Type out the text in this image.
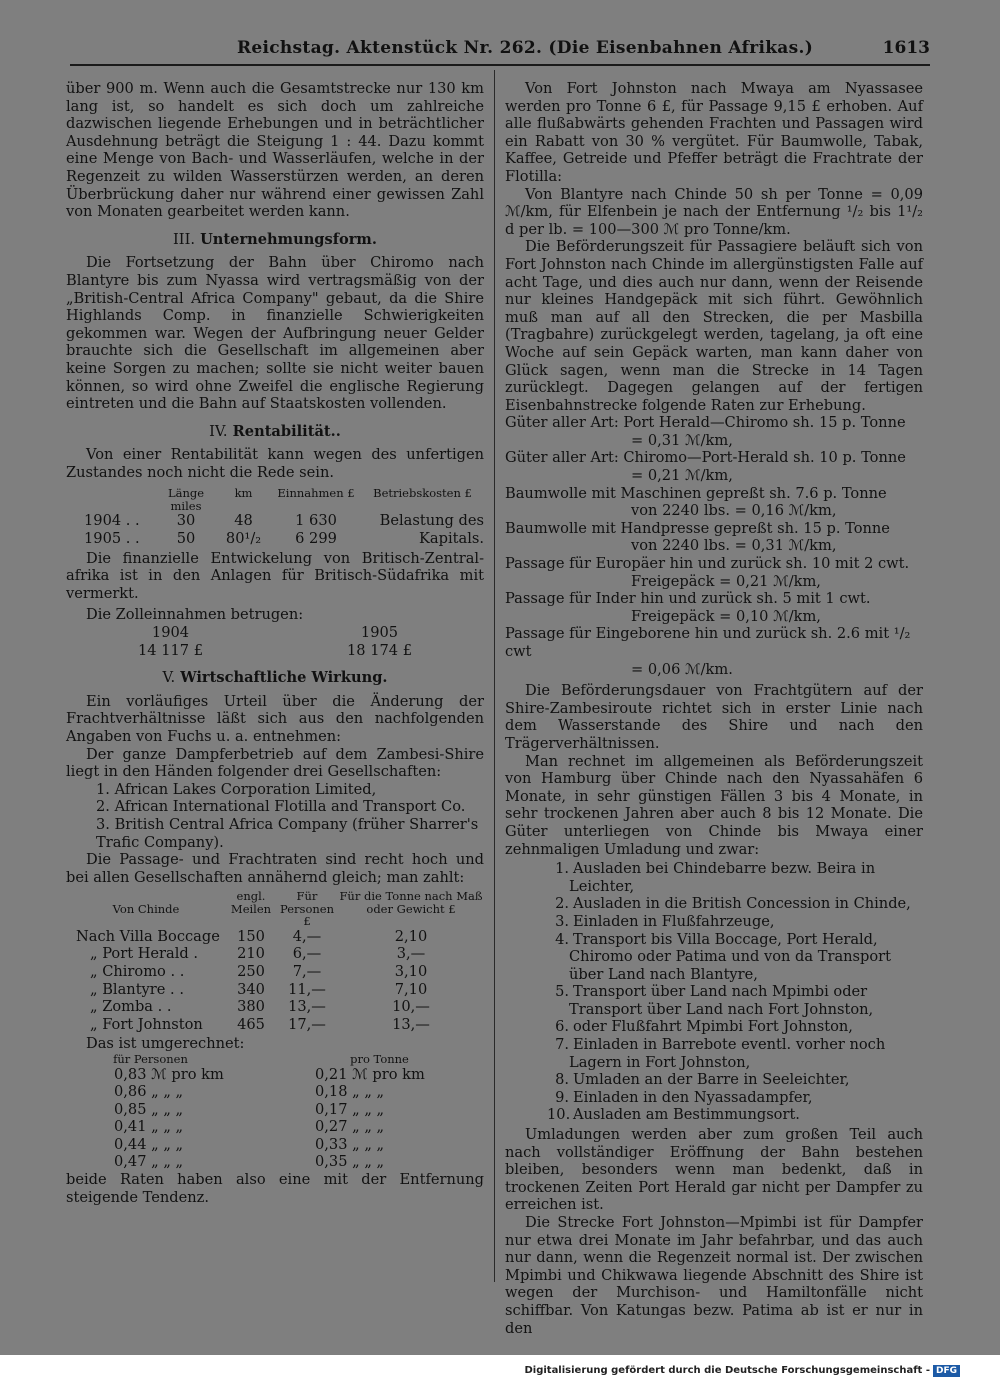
Reichstag. Aktenstück Nr. 262. (Die Eisenbahnen Afrikas.)	1613

über 900 m. Wenn auch die Gesamtstrecke nur 130 km lang ist, so handelt es sich doch um zahlreiche dazwischen liegende Erhebungen und in beträchtlicher Ausdehnung beträgt die Steigung 1 : 44. Dazu kommt eine Menge von Bach- und Wasserläufen, welche in der Regenzeit zu wilden Wasserstürzen werden, an deren Überbrückung daher nur während einer gewissen Zahl von Monaten gearbeitet werden kann.

III. Unternehmungsform.

Die Fortsetzung der Bahn über Chiromo nach Blantyre bis zum Nyassa wird vertragsmäßig von der „British-Central Africa Company" gebaut, da die Shire Highlands Comp. in finanzielle Schwierigkeiten gekommen war. Wegen der Aufbringung neuer Gelder brauchte sich die Gesellschaft im allgemeinen aber keine Sorgen zu machen; sollte sie nicht weiter bauen können, so wird ohne Zweifel die englische Regierung eintreten und die Bahn auf Staatskosten vollenden.

IV. Rentabilität..

Von einer Rentabilität kann wegen des unfertigen Zustandes noch nicht die Rede sein.

	Länge miles	km	Einnahmen £	Betriebskosten £
1904 . .	30	48	1 630	Belastung des
1905 . .	50	80¹/₂	6 299	Kapitals.

Die finanzielle Entwickelung von Britisch-Zentral-afrika ist in den Anlagen für Britisch-Südafrika mit vermerkt.

Die Zolleinnahmen betrugen:

1904	1905
14 117 £	18 174 £
V. Wirtschaftliche Wirkung.

Ein vorläufiges Urteil über die Änderung der Frachtverhältnisse läßt sich aus den nachfolgenden Angaben von Fuchs u. a. entnehmen:

Der ganze Dampferbetrieb auf dem Zambesi-Shire liegt in den Händen folgender drei Gesellschaften:

1. African Lakes Corporation Limited,
2. African International Flotilla and Transport Co.
3. British Central Africa Company (früher Sharrer's Trafic Company).

Die Passage- und Frachtraten sind recht hoch und bei allen Gesellschaften annähernd gleich; man zahlt:

Von Chinde	engl. Meilen	Für Personen £	Für die Tonne nach Maß oder Gewicht £
Nach Villa Boccage	150	4,—	2,10
„ Port Herald .	210	6,—	3,—
„ Chiromo . .	250	7,—	3,10
„ Blantyre . .	340	11,—	7,10
„ Zomba . .	380	13,—	10,—
„ Fort Johnston	465	17,—	13,—

Das ist umgerechnet:

für Personen	pro Tonne
0,83 ℳ pro km	0,21 ℳ pro km
0,86 „ „ „	0,18 „ „ „
0,85 „ „ „	0,17 „ „ „
0,41 „ „ „	0,27 „ „ „
0,44 „ „ „	0,33 „ „ „
0,47 „ „ „	0,35 „ „ „

beide Raten haben also eine mit der Entfernung steigende Tendenz.

Von Fort Johnston nach Mwaya am Nyassasee werden pro Tonne 6 £, für Passage 9,15 £ erhoben. Auf alle flußabwärts gehenden Frachten und Passagen wird ein Rabatt von 30 % vergütet. Für Baumwolle, Tabak, Kaffee, Getreide und Pfeffer beträgt die Frachtrate der Flotilla:

Von Blantyre nach Chinde 50 sh per Tonne = 0,09 ℳ/km, für Elfenbein je nach der Entfernung ¹/₂ bis 1¹/₂ d per lb. = 100—300 ℳ pro Tonne/km.

Die Beförderungszeit für Passagiere beläuft sich von Fort Johnston nach Chinde im allergünstigsten Falle auf acht Tage, und dies auch nur dann, wenn der Reisende nur kleines Handgepäck mit sich führt. Gewöhnlich muß man auf all den Strecken, die per Masbilla (Tragbahre) zurückgelegt werden, tagelang, ja oft eine Woche auf sein Gepäck warten, man kann daher von Glück sagen, wenn man die Strecke in 14 Tagen zurücklegt. Dagegen gelangen auf der fertigen Eisenbahnstrecke folgende Raten zur Erhebung.

Güter aller Art: Port Herald—Chiromo sh. 15 p. Tonne
= 0,31 ℳ/km,
Güter aller Art: Chiromo—Port-Herald sh. 10 p. Tonne
= 0,21 ℳ/km,
Baumwolle mit Maschinen gepreßt sh. 7.6 p. Tonne
von 2240 lbs. = 0,16 ℳ/km,
Baumwolle mit Handpresse gepreßt sh. 15 p. Tonne
von 2240 lbs. = 0,31 ℳ/km,
Passage für Europäer hin und zurück sh. 10 mit 2 cwt.
Freigepäck = 0,21 ℳ/km,
Passage für Inder hin und zurück sh. 5 mit 1 cwt.
Freigepäck = 0,10 ℳ/km,
Passage für Eingeborene hin und zurück sh. 2.6 mit ¹/₂ cwt
= 0,06 ℳ/km.

Die Beförderungsdauer von Frachtgütern auf der Shire-Zambesiroute richtet sich in erster Linie nach dem Wasserstande des Shire und nach den Trägerverhältnissen.

Man rechnet im allgemeinen als Beförderungszeit von Hamburg über Chinde nach den Nyassahäfen 6 Monate, in sehr günstigen Fällen 3 bis 4 Monate, in sehr trockenen Jahren aber auch 8 bis 12 Monate. Die Güter unterliegen von Chinde bis Mwaya einer zehnmaligen Umladung und zwar:

1. Ausladen bei Chindebarre bezw. Beira in Leichter,
2. Ausladen in die British Concession in Chinde,
3. Einladen in Flußfahrzeuge,
4. Transport bis Villa Boccage, Port Herald, Chiromo oder Patima und von da Transport über Land nach Blantyre,
5. Transport über Land nach Mpimbi oder Transport über Land nach Fort Johnston,
6. oder Flußfahrt Mpimbi Fort Johnston,
7. Einladen in Barrebote eventl. vorher noch Lagern in Fort Johnston,
8. Umladen an der Barre in Seeleichter,
9. Einladen in den Nyassadampfer,
10. Ausladen am Bestimmungsort.

Umladungen werden aber zum großen Teil auch nach vollständiger Eröffnung der Bahn bestehen bleiben, besonders wenn man bedenkt, daß in trockenen Zeiten Port Herald gar nicht per Dampfer zu erreichen ist.

Die Strecke Fort Johnston—Mpimbi ist für Dampfer nur etwa drei Monate im Jahr befahrbar, und das auch nur dann, wenn die Regenzeit normal ist. Der zwischen Mpimbi und Chikwawa liegende Abschnitt des Shire ist wegen der Murchison- und Hamiltonfälle nicht schiffbar. Von Katungas bezw. Patima ab ist er nur in den

Digitalisierung gefördert durch die Deutsche Forschungsgemeinschaft - DFG
